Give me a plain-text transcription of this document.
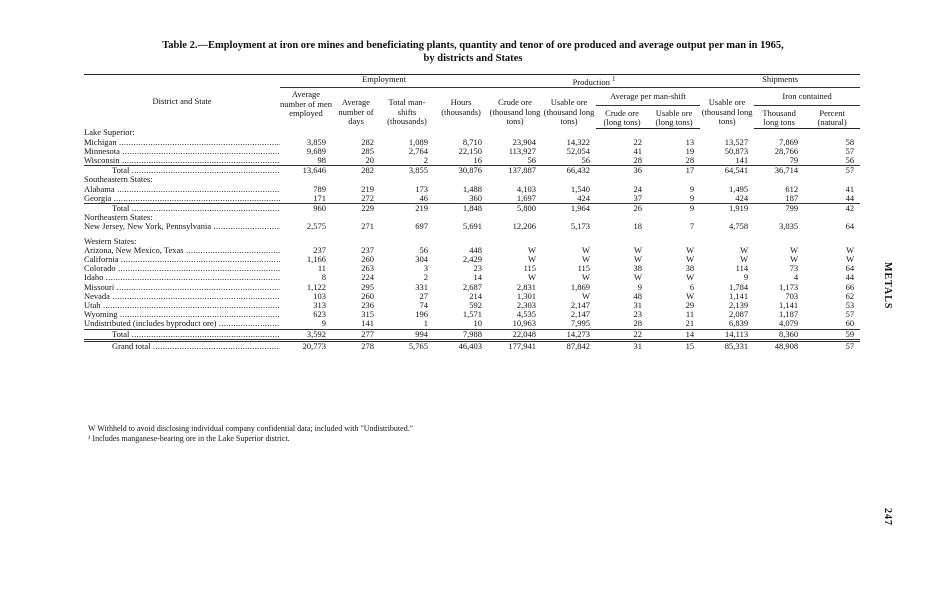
Table 2.—Employment at iron ore mines and beneficiating plants, quantity and tenor of ore produced and average output per man in 1965,
by districts and States
District and State	Employment				Production $^1$				Shipments		
	Average number of men employed	Average number of days	Total man-shifts (thousands)	Hours (thousands)	Crude ore (thousand long tons)	Usable ore (thousand long tons)	Average per man-shift		Usable ore (thousand long tons)	Iron contained	
							Crude ore (long tons)	Usable ore (long tons)		Thousand long tons	Percent (natural)
Lake Superior:											
Michigan .....	3,859	282	1,089	8,710	23,904	14,322	22	13	13,527	7,869	58
Minnesota .....	9,689	285	2,764	22,150	113,927	52,054	41	19	50,873	28,766	57
Wisconsin .....	98	20	2	16	56	56	28	28	141	79	56
Total .....	13,646	282	3,855	30,876	137,887	66,432	36	17	64,541	36,714	57
Southeastern States:											
Alabama .....	789	219	173	1,488	4,103	1,540	24	9	1,495	612	41
Georgia .....	171	272	46	360	1,697	424	37	9	424	187	44
Total .....	960	229	219	1,848	5,800	1,964	26	9	1,919	799	42
Northeastern States:											
New Jersey, New York, Pennsylvania .....	2,575	271	697	5,691	12,206	5,173	18	7	4,758	3,035	64

Western States:											
Arizona, New Mexico, Texas .....	237	237	56	448	W	W	W	W	W	W	W
California .....	1,166	260	304	2,429	W	W	W	W	W	W	W
Colorado .....	11	263	3	23	115	115	38	38	114	73	64
Idaho .....	8	224	2	14	W	W	W	W	9	4	44
Missouri .....	1,122	295	331	2,687	2,831	1,869	9	6	1,784	1,173	66
Nevada .....	103	260	27	214	1,301	W	48	W	1,141	703	62
Utah .....	313	236	74	592	2,303	2,147	31	29	2,139	1,141	53
Wyoming .....	623	315	196	1,571	4,535	2,147	23	11	2,087	1,187	57
Undistributed (includes byproduct ore) .....	9	141	1	10	10,963	7,995	28	21	6,839	4,079	60
Total .....	3,592	277	994	7,988	22,048	14,273	22	14	14,113	8,360	59
Grand total .....	20,773	278	5,765	46,403	177,941	87,842	31	15	85,331	48,908	57
W Withheld to avoid disclosing individual company confidential data; included with "Undistributed."
¹ Includes manganese-bearing ore in the Lake Superior district.
METALS
247
